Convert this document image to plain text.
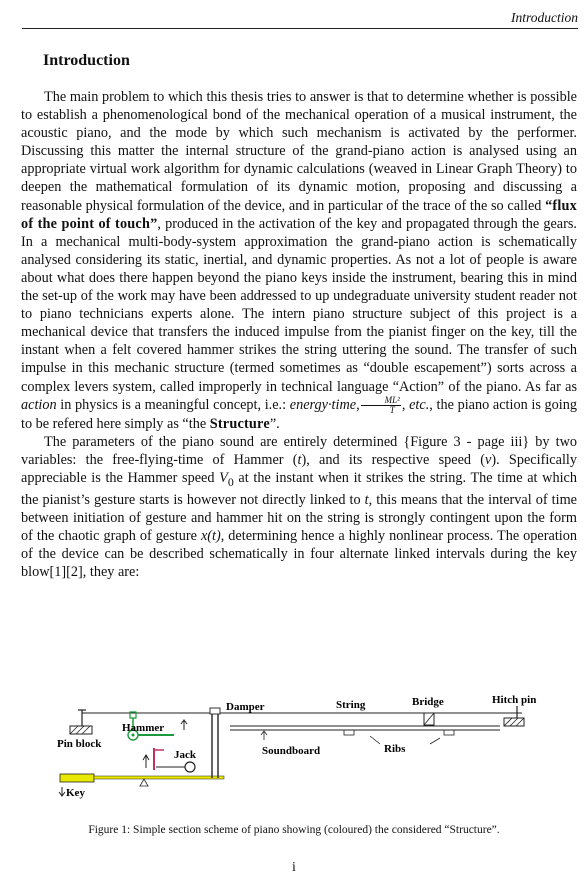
Introduction
Introduction

The main problem to which this thesis tries to answer is that to determine whether is possible to establish a phenomenological bond of the mechanical operation of a musical instrument, the acoustic piano, and the mode by which such mechanism is activated by the performer. Discussing this matter the internal structure of the grand-piano action is analysed using an appropriate virtual work algorithm for dynamic calculations (weaved in Linear Graph Theory) to deepen the mathematical formulation of its dynamic motion, proposing and discussing a reasonable physical formulation of the device, and in particular of the trace of the so called “flux of the point of touch”, produced in the activation of the key and propagated through the gears. In a mechanical multi-body-system approximation the grand-piano action is schematically analysed considering its static, inertial, and dynamic properties. As not a lot of people is aware about what does there happen beyond the piano keys inside the instrument, bearing this in mind the set-up of the work may have been addressed to up undegraduate university student reader not to piano technicians experts alone. The intern piano structure subject of this project is a mechanical device that transfers the induced impulse from the pianist finger on the key, till the instant when a felt covered hammer strikes the string uttering the sound. The transfer of such impulse in this mechanic structure (termed sometimes as “double escapement”) sorts across a complex levers system, called improperly in technical language “Action” of the piano. As far as action in physics is a meaningful concept, i.e.: energy·time, $\frac{\text{ML²}}{T}$ , etc., the piano action is going to be refered here simply as “the Structure”.

The parameters of the piano sound are entirely determined {Figure 3 - page iii} by two variables: the free-flying-time of Hammer (t), and its respective speed (v). Specifically appreciable is the Hammer speed $V_0$ at the instant when it strikes the string. The time at which the pianist’s gesture starts is however not directly linked to t, this means that the interval of time between initiation of gesture and hammer hit on the string is strongly contingent upon the form of the chaotic graph of gesture x(t), determining hence a highly nonlinear process. The operation of the device can be described schematically in four alternate linked intervals during the key blow[1][2], they are:

Pin block
Hammer
Jack
Key
Damper
Soundboard
String
Ribs
Bridge	Hitch pin
Figure 1: Simple section scheme of piano showing (coloured) the considered “Structure”.
i
